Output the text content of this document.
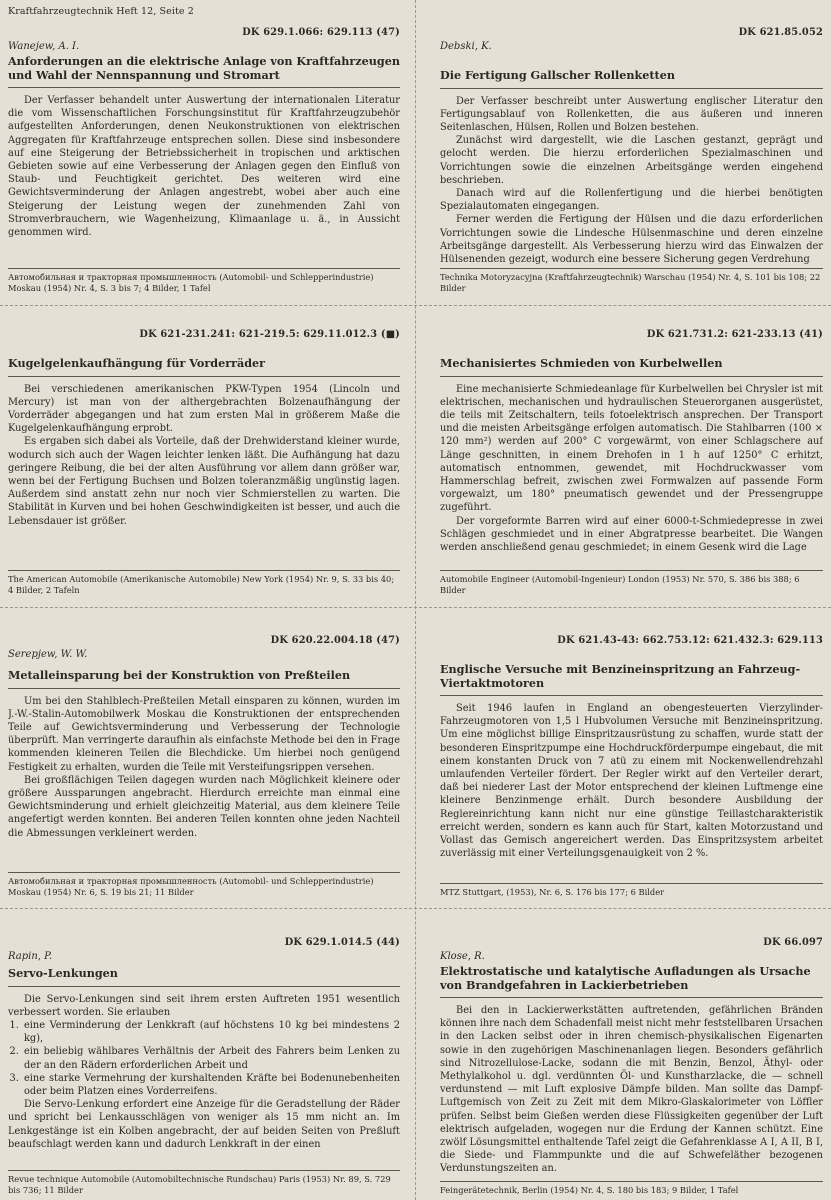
Kraftfahrzeugtechnik Heft 12, Seite 2
DK 629.1.066: 629.113 (47)
Wanejew, A. I.
Anforderungen an die elektrische Anlage von Kraftfahrzeugen und Wahl der Nennspannung und Stromart

Der Verfasser behandelt unter Auswertung der internationalen Literatur die vom Wissenschaftlichen Forschungsinstitut für Kraftfahrzeugzubehör aufgestellten Anforderungen, denen Neukonstruktionen von elektrischen Aggregaten für Kraftfahrzeuge entsprechen sollen. Diese sind insbesondere auf eine Steigerung der Betriebssicherheit in tropischen und arktischen Gebieten sowie auf eine Verbesserung der Anlagen gegen den Einfluß von Staub- und Feuchtigkeit gerichtet. Des weiteren wird eine Gewichtsverminderung der Anlagen angestrebt, wobei aber auch eine Steigerung der Leistung wegen der zunehmenden Zahl von Stromverbrauchern, wie Wagenheizung, Klimaanlage u. ä., in Aussicht genommen wird.

Автомобильная и тракторная промышленность (Automobil- und Schlepperindustrie) Moskau (1954) Nr. 4, S. 3 bis 7; 4 Bilder, 1 Tafel
DK 621.85.052
Debski, K.
Die Fertigung Gallscher Rollenketten

Der Verfasser beschreibt unter Auswertung englischer Literatur den Fertigungsablauf von Rollenketten, die aus äußeren und inneren Seitenlaschen, Hülsen, Rollen und Bolzen bestehen.

Zunächst wird dargestellt, wie die Laschen gestanzt, geprägt und gelocht werden. Die hierzu erforderlichen Spezialmaschinen und Vorrichtungen sowie die einzelnen Arbeitsgänge werden eingehend beschrieben.

Danach wird auf die Rollenfertigung und die hierbei benötigten Spezialautomaten eingegangen.

Ferner werden die Fertigung der Hülsen und die dazu erforderlichen Vorrichtungen sowie die Lindesche Hülsenmaschine und deren einzelne Arbeitsgänge dargestellt. Als Verbesserung hierzu wird das Einwalzen der Hülsenenden gezeigt, wodurch eine bessere Sicherung gegen Verdrehung

Technika Motoryzacyjna (Kraftfahrzeugtechnik) Warschau (1954) Nr. 4, S. 101 bis 108; 22 Bilder
DK 621-231.241: 621-219.5: 629.11.012.3 (■)
Kugelgelenkaufhängung für Vorderräder

Bei verschiedenen amerikanischen PKW-Typen 1954 (Lincoln und Mercury) ist man von der althergebrachten Bolzenaufhängung der Vorderräder abgegangen und hat zum ersten Mal in größerem Maße die Kugelgelenkaufhängung erprobt.

Es ergaben sich dabei als Vorteile, daß der Drehwiderstand kleiner wurde, wodurch sich auch der Wagen leichter lenken läßt. Die Aufhängung hat dazu geringere Reibung, die bei der alten Ausführung vor allem dann größer war, wenn bei der Fertigung Buchsen und Bolzen toleranzmäßig ungünstig lagen. Außerdem sind anstatt zehn nur noch vier Schmierstellen zu warten. Die Stabilität in Kurven und bei hohen Geschwindigkeiten ist besser, und auch die Lebensdauer ist größer.

The American Automobile (Amerikanische Automobile) New York (1954) Nr. 9, S. 33 bis 40; 4 Bilder, 2 Tafeln
DK 621.731.2: 621-233.13 (41)
Mechanisiertes Schmieden von Kurbelwellen

Eine mechanisierte Schmiedeanlage für Kurbelwellen bei Chrysler ist mit elektrischen, mechanischen und hydraulischen Steuerorganen ausgerüstet, die teils mit Zeitschaltern, teils fotoelektrisch ansprechen. Der Transport und die meisten Arbeitsgänge erfolgen automatisch. Die Stahlbarren (100 × 120 mm²) werden auf 200° C vorgewärmt, von einer Schlagschere auf Länge geschnitten, in einem Drehofen in 1 h auf 1250° C erhitzt, automatisch entnommen, gewendet, mit Hochdruckwasser vom Hammerschlag befreit, zwischen zwei Formwalzen auf passende Form vorgewalzt, um 180° pneumatisch gewendet und der Pressengruppe zugeführt.

Der vorgeformte Barren wird auf einer 6000-t-Schmiedepresse in zwei Schlägen geschmiedet und in einer Abgratpresse bearbeitet. Die Wangen werden anschließend genau geschmiedet; in einem Gesenk wird die Lage

Automobile Engineer (Automobil-Ingenieur) London (1953) Nr. 570, S. 386 bis 388; 6 Bilder
DK 620.22.004.18 (47)
Serepjew, W. W.
Metalleinsparung bei der Konstruktion von Preßteilen

Um bei den Stahlblech-Preßteilen Metall einsparen zu können, wurden im J.-W.-Stalin-Automobilwerk Moskau die Konstruktionen der entsprechenden Teile auf Gewichtsverminderung und Verbesserung der Technologie überprüft. Man verringerte daraufhin als einfachste Methode bei den in Frage kommenden kleineren Teilen die Blechdicke. Um hierbei noch genügend Festigkeit zu erhalten, wurden die Teile mit Versteifungsrippen versehen.

Bei großflächigen Teilen dagegen wurden nach Möglichkeit kleinere oder größere Aussparungen angebracht. Hierdurch erreichte man einmal eine Gewichtsminderung und erhielt gleichzeitig Material, aus dem kleinere Teile angefertigt werden konnten. Bei anderen Teilen konnten ohne jeden Nachteil die Abmessungen verkleinert werden.

Автомобильная и тракторная промышленность (Automobil- und Schlepperindustrie) Moskau (1954) Nr. 6, S. 19 bis 21; 11 Bilder
DK 621.43-43: 662.753.12: 621.432.3: 629.113
Englische Versuche mit Benzineinspritzung an Fahrzeug-Viertaktmotoren

Seit 1946 laufen in England an obengesteuerten Vierzylinder-Fahrzeugmotoren von 1,5 l Hubvolumen Versuche mit Benzineinspritzung. Um eine möglichst billige Einspritzausrüstung zu schaffen, wurde statt der besonderen Einspritzpumpe eine Hochdruckförderpumpe eingebaut, die mit einem konstanten Druck von 7 atü zu einem mit Nockenwellendrehzahl umlaufenden Verteiler fördert. Der Regler wirkt auf den Verteiler derart, daß bei niederer Last der Motor entsprechend der kleinen Luftmenge eine kleinere Benzinmenge erhält. Durch besondere Ausbildung der Reglereinrichtung kann nicht nur eine günstige Teillastcharakteristik erreicht werden, sondern es kann auch für Start, kalten Motorzustand und Vollast das Gemisch angereichert werden. Das Einspritzsystem arbeitet zuverlässig mit einer Verteilungsgenauigkeit von 2 %.

MTZ Stuttgart, (1953), Nr. 6, S. 176 bis 177; 6 Bilder
DK 629.1.014.5 (44)
Rapin, P.
Servo-Lenkungen

Die Servo-Lenkungen sind seit ihrem ersten Auftreten 1951 wesentlich verbessert worden. Sie erlauben

1. eine Verminderung der Lenkkraft (auf höchstens 10 kg bei mindestens 2 kg),
2. ein beliebig wählbares Verhältnis der Arbeit des Fahrers beim Lenken zu der an den Rädern erforderlichen Arbeit und
3. eine starke Vermehrung der kurshaltenden Kräfte bei Bodenunebenheiten oder beim Platzen eines Vorderreifens.

Die Servo-Lenkung erfordert eine Anzeige für die Geradstellung der Räder und spricht bei Lenkausschlägen von weniger als 15 mm nicht an. Im Lenkgestänge ist ein Kolben angebracht, der auf beiden Seiten von Preßluft beaufschlagt werden kann und dadurch Lenkkraft in der einen

Revue technique Automobile (Automobiltechnische Rundschau) Paris (1953) Nr. 89, S. 729 bis 736; 11 Bilder
DK 66.097
Klose, R.
Elektrostatische und katalytische Aufladungen als Ursache von Brandgefahren in Lackierbetrieben

Bei den in Lackierwerkstätten auftretenden, gefährlichen Bränden können ihre nach dem Schadenfall meist nicht mehr feststellbaren Ursachen in den Lacken selbst oder in ihren chemisch-physikalischen Eigenarten sowie in den zugehörigen Maschinenanlagen liegen. Besonders gefährlich sind Nitrozellulose-Lacke, sodann die mit Benzin, Benzol, Äthyl- oder Methylalkohol u. dgl. verdünnten Öl- und Kunstharzlacke, die — schnell verdunstend — mit Luft explosive Dämpfe bilden. Man sollte das Dampf-Luftgemisch von Zeit zu Zeit mit dem Mikro-Glaskalorimeter von Löffler prüfen. Selbst beim Gießen werden diese Flüssigkeiten gegenüber der Luft elektrisch aufgeladen, wogegen nur die Erdung der Kannen schützt. Eine zwölf Lösungsmittel enthaltende Tafel zeigt die Gefahrenklasse A I, A II, B I, die Siede- und Flammpunkte und die auf Schwefeläther bezogenen Verdunstungszeiten an.

Feingerätetechnik, Berlin (1954) Nr. 4, S. 180 bis 183; 9 Bilder, 1 Tafel
